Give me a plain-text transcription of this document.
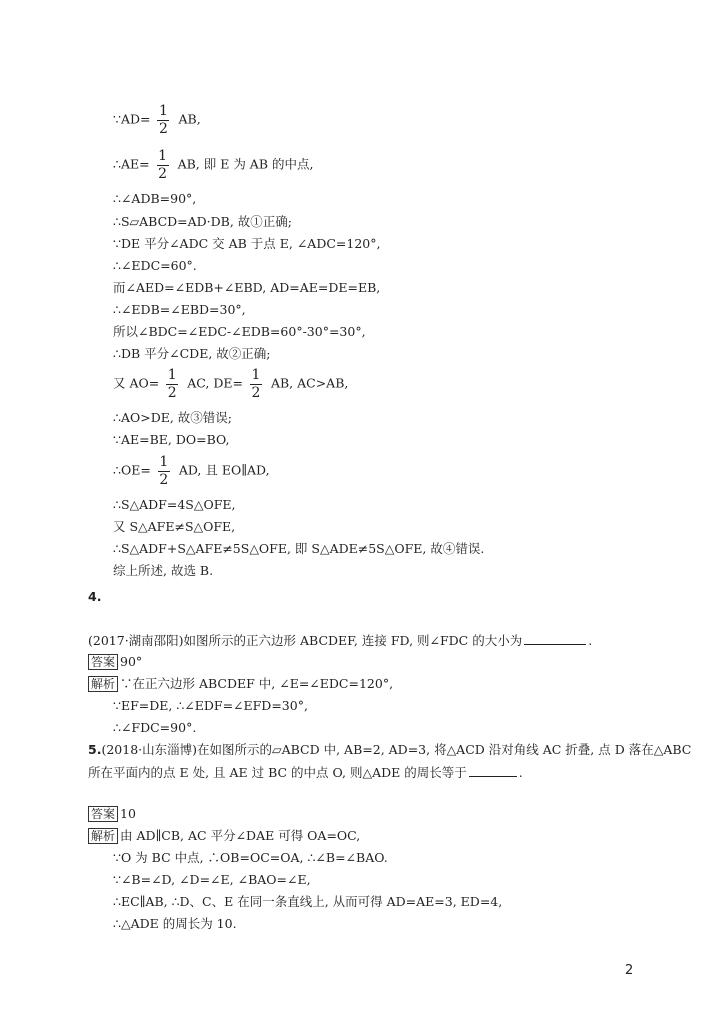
∵AD= $\frac{1}{2}$ AB,
∴AE= $\frac{1}{2}$ AB, 即 E 为 AB 的中点,
∴∠ADB=90°,
∴S▱ABCD=AD·DB, 故①正确;
∵DE 平分∠ADC 交 AB 于点 E, ∠ADC=120°,
∴∠EDC=60°.
而∠AED=∠EDB+∠EBD, AD=AE=DE=EB,
∴∠EDB=∠EBD=30°,
所以∠BDC=∠EDC-∠EDB=60°-30°=30°,
∴DB 平分∠CDE, 故②正确;
又 $AO= \frac{1}{2}$ AC, $DE= \frac{1}{2}$ AB, AC>AB,
∴AO>DE, 故③错误;
∵AE=BE, DO=BO,
∴OE= $\frac{1}{2}$ AD, 且 EO∥AD,
∴S△ADF=4S△OFE,
又 S△AFE≠S△OFE,
∴S△ADF+S△AFE≠5S△OFE, 即 S△ADE≠5S△OFE, 故④错误.
综上所述, 故选 B.
4.
(2017·湖南邵阳)如图所示的正六边形 ABCDEF, 连接 FD, 则∠FDC 的大小为	.
答案 90°
解析 ∵在正六边形 ABCDEF 中, ∠E=∠EDC=120°,
∵EF=DE, ∴∠EDF=∠EFD=30°,
∴∠FDC=90°.
5.(2018·山东淄博)在如图所示的▱ABCD 中, AB=2, AD=3, 将△ACD 沿对角线 AC 折叠, 点 D 落在△ABC
所在平面内的点 E 处, 且 AE 过 BC 的中点 O, 则△ADE 的周长等于	.
答案 10
解析 由 AD∥CB, AC 平分∠DAE 可得 OA=OC,
∵O 为 BC 中点, ∴OB=OC=OA, ∴∠B=∠BAO.
∵∠B=∠D, ∠D=∠E, ∠BAO=∠E,
∴EC∥AB, ∴D、C、E 在同一条直线上, 从而可得 AD=AE=3, ED=4,
∴△ADE 的周长为 10.
2
